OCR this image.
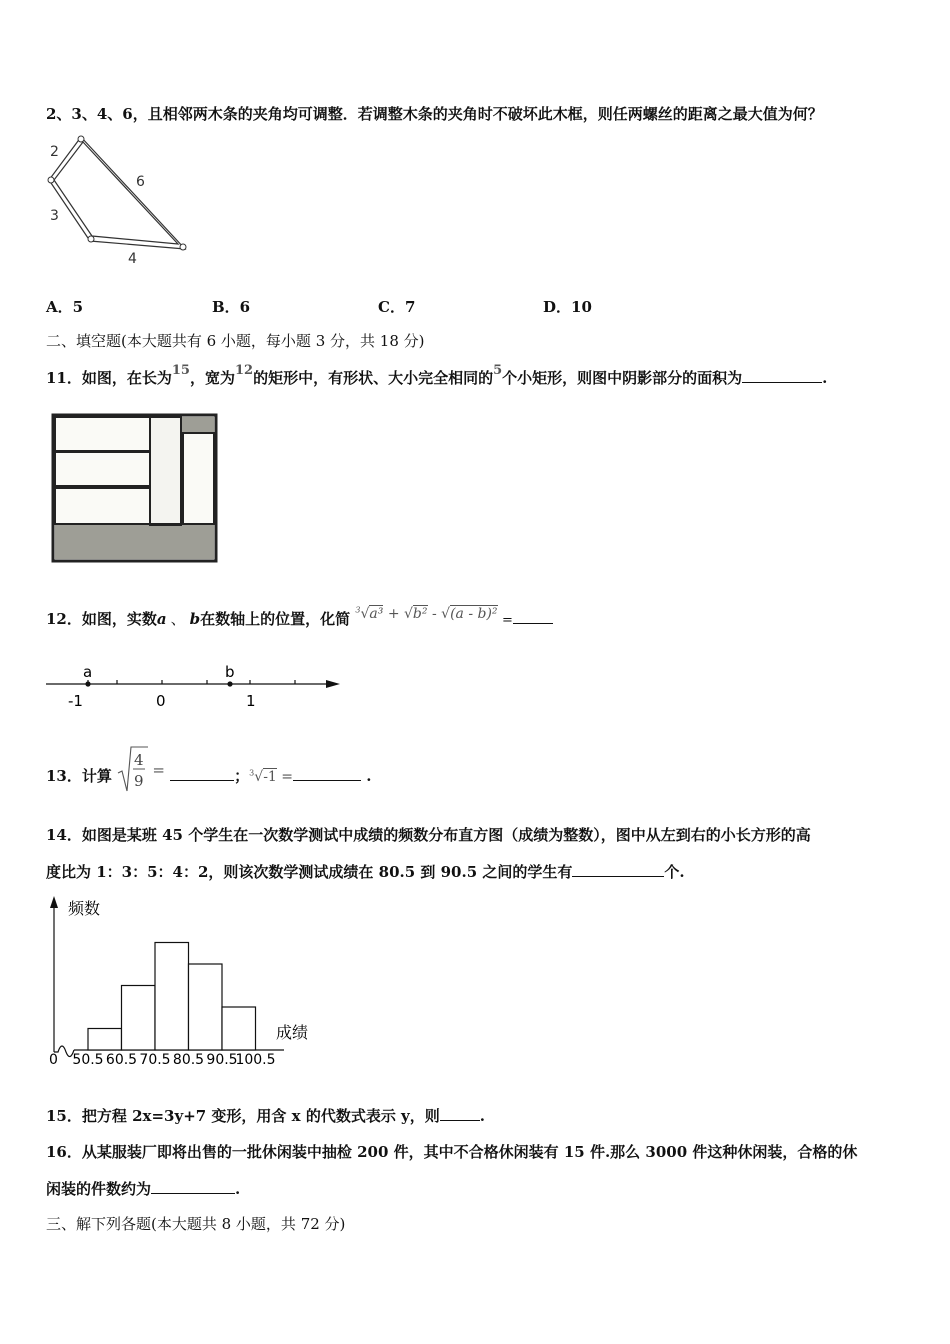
2、3、4、6，且相邻两木条的夹角均可调整．若调整木条的夹角时不破坏此木框，则任两螺丝的距离之最大值为何？
2
6
3
4
A．5	B．6	C．7	D．10
二、填空题(本大题共有 6 小题，每小题 3 分，共 18 分)
11．如图，在长为15，宽为12的矩形中，有形状、大小完全相同的5个小矩形，则图中阴影部分的面积为	.
12．如图，实数a 、 b在数轴上的位置，化简 $^3$√a³ + √b² - √(a - b)² =
a	b
-1	0	1
13．计算
4
9
=	；$^3$√-1 =	.
14．如图是某班 45 个学生在一次数学测试中成绩的频数分布直方图（成绩为整数），图中从左到右的小长方形的高
度比为 1：3：5：4：2，则该次数学测试成绩在 80.5 到 90.5 之间的学生有	个.
频数
成绩
0 50.5 60.5 70.5 80.5 90.5
100.5
15．把方程 2x=3y+7 变形，用含 x 的代数式表示 y，则	.
16．从某服装厂即将出售的一批休闲装中抽检 200 件，其中不合格休闲装有 15 件.那么 3000 件这种休闲装，合格的休
闲装的件数约为	.
三、解下列各题(本大题共 8 小题，共 72 分)
